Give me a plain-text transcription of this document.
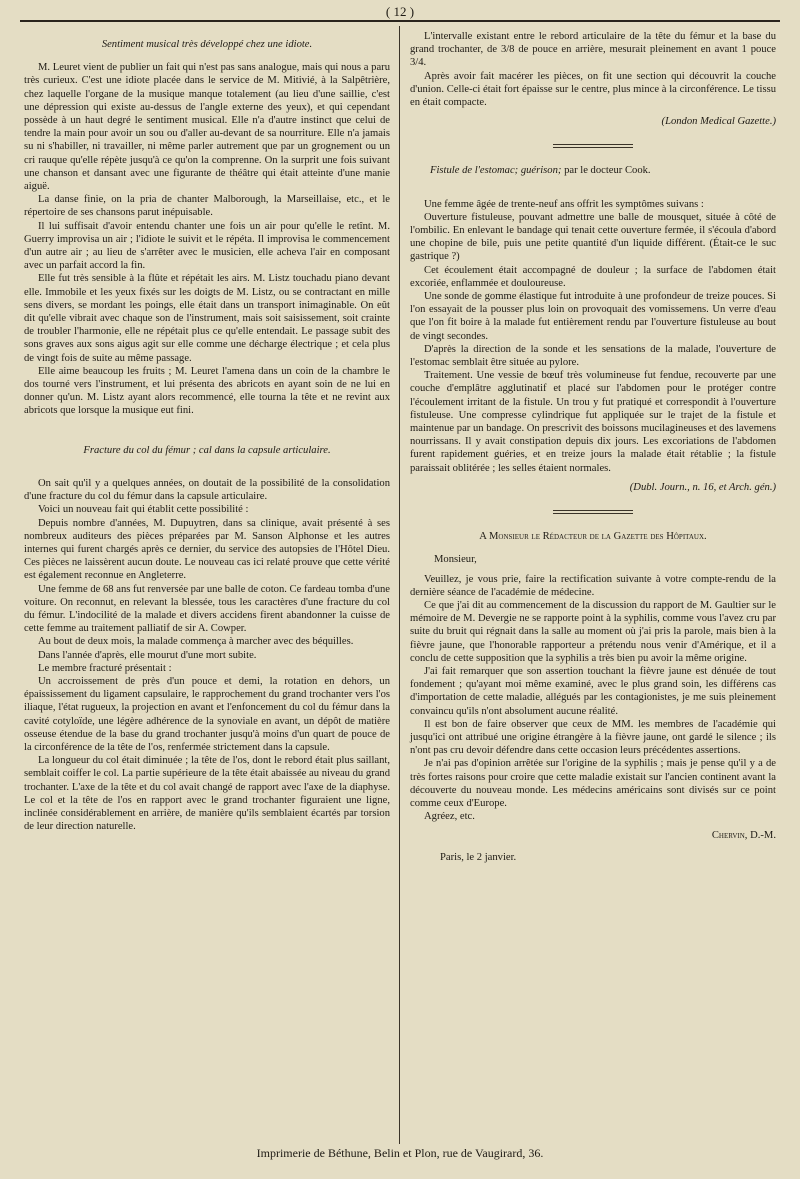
( 12 )
Sentiment musical très développé chez une idiote.

M. Leuret vient de publier un fait qui n'est pas sans analogue, mais qui nous a paru très curieux. C'est une idiote placée dans le service de M. Mitivié, à la Salpêtrière, chez laquelle l'organe de la musique manque totalement (au lieu d'une saillie, c'est une dépression qui existe au-dessus de l'angle externe des yeux), et qui cependant possède à un haut degré le sentiment musical. Elle n'a d'autre instinct que celui de tendre la main pour avoir un sou ou d'aller au-devant de sa nourriture. Elle n'a jamais su ni s'habiller, ni travailler, ni même parler autrement que par un grognement ou un cri rauque qu'elle répète jusqu'à ce qu'on la comprenne. On la surprit une fois suivant une chanson et dansant avec une figurante de théâtre qui était atteinte d'une manie aiguë.

La danse finie, on la pria de chanter Malborough, la Marseillaise, etc., et le répertoire de ses chansons parut inépuisable.

Il lui suffisait d'avoir entendu chanter une fois un air pour qu'elle le retînt. M. Guerry improvisa un air ; l'idiote le suivit et le répéta. Il improvisa le commencement d'un autre air ; au lieu de s'arrêter avec le musicien, elle acheva l'air en composant avec un parfait accord la fin.

Elle fut très sensible à la flûte et répétait les airs. M. Listz touchadu piano devant elle. Immobile et les yeux fixés sur les doigts de M. Listz, ou se contractant en mille sens divers, se mordant les poings, elle était dans un transport inimaginable. On eût dit qu'elle vibrait avec chaque son de l'instrument, mais soit saisissement, soit crainte de troubler l'harmonie, elle ne répétait plus ce qu'elle entendait. Le passage subit des sons graves aux sons aigus agit sur elle comme une décharge électrique ; et cela plus de vingt fois de suite au même passage.

Elle aime beaucoup les fruits ; M. Leuret l'amena dans un coin de la chambre le dos tourné vers l'instrument, et lui présenta des abricots en ayant soin de ne lui en donner qu'un. M. Listz ayant alors recommencé, elle tourna la tête et ne revint aux abricots que lorsque la musique eut fini.

Fracture du col du fémur ; cal dans la capsule articulaire.

On sait qu'il y a quelques années, on doutait de la possibilité de la consolidation d'une fracture du col du fémur dans la capsule articulaire.

Voici un nouveau fait qui établit cette possibilité :

Depuis nombre d'années, M. Dupuytren, dans sa clinique, avait présenté à ses nombreux auditeurs des pièces préparées par M. Sanson Alphonse et les autres internes qui furent chargés après ce dernier, du service des autopsies de l'Hôtel Dieu. Ces pièces ne laissèrent aucun doute. Le nouveau cas ici relaté prouve que cette vérité est également reconnue en Angleterre.

Une femme de 68 ans fut renversée par une balle de coton. Ce fardeau tomba d'une voiture. On reconnut, en relevant la blessée, tous les caractères d'une fracture du col du fémur. L'indocilité de la malade et divers accidens firent abandonner la cuisse de cette femme au traitement palliatif de sir A. Cowper.

Au bout de deux mois, la malade commença à marcher avec des béquilles.

Dans l'année d'après, elle mourut d'une mort subite.

Le membre fracturé présentait :

Un accroissement de près d'un pouce et demi, la rotation en dehors, un épaississement du ligament capsulaire, le rapprochement du grand trochanter vers l'os iliaque, l'état rugueux, la projection en avant et l'enfoncement du col du fémur dans la cavité cotyloïde, une légère adhérence de la synoviale en avant, un dépôt de matière osseuse étendue de la base du grand trochanter jusqu'à moins d'un quart de pouce de la circonférence de la tête de l'os, renfermée strictement dans la capsule.

La longueur du col était diminuée ; la tête de l'os, dont le rebord était plus saillant, semblait coiffer le col. La partie supérieure de la tête était abaissée au niveau du grand trochanter. L'axe de la tête et du col avait changé de rapport avec l'axe de la diaphyse. Le col et la tête de l'os en rapport avec le grand trochanter figuraient une ligne, inclinée considérablement en arrière, de manière qu'ils semblaient écartés par torsion de leur direction naturelle.

L'intervalle existant entre le rebord articulaire de la tête du fémur et la base du grand trochanter, de 3/8 de pouce en arrière, mesurait pleinement en avant 1 pouce 3/4.

Après avoir fait macérer les pièces, on fit une section qui découvrit la couche d'union. Celle-ci était fort épaisse sur le centre, plus mince à la circonférence. Le tissu en était compacte.

(London Medical Gazette.)
Fistule de l'estomac; guérison; par le docteur Cook.

Une femme âgée de trente-neuf ans offrit les symptômes suivans :

Ouverture fistuleuse, pouvant admettre une balle de mousquet, située à côté de l'ombilic. En enlevant le bandage qui tenait cette ouverture fermée, il s'écoula d'abord une chopine de bile, puis une petite quantité d'un liquide différent. (Était-ce le suc gastrique ?)

Cet écoulement était accompagné de douleur ; la surface de l'abdomen était excoriée, enflammée et douloureuse.

Une sonde de gomme élastique fut introduite à une profondeur de treize pouces. Si l'on essayait de la pousser plus loin on provoquait des vomissemens. Un verre d'eau que l'on fit boire à la malade fut entièrement rendu par l'ouverture fistuleuse au bout de vingt secondes.

D'après la direction de la sonde et les sensations de la malade, l'ouverture de l'estomac semblait être située au pylore.

Traitement. Une vessie de bœuf très volumineuse fut fendue, recouverte par une couche d'emplâtre agglutinatif et placé sur l'abdomen pour le protéger contre l'écoulement irritant de la fistule. Un trou y fut pratiqué et correspondit à l'ouverture fistuleuse. Une compresse cylindrique fut appliquée sur le trajet de la fistule et maintenue par un bandage. On prescrivit des boissons mucilagineuses et des lavemens nourrissans. Il y avait constipation depuis dix jours. Les excoriations de l'abdomen furent rapidement guéries, et en treize jours la malade était rétablie ; la fistule paraissait oblitérée ; les selles étaient normales.

(Dubl. Journ., n. 16, et Arch. gén.)
A Monsieur le Rédacteur de la Gazette des Hôpitaux.
Monsieur,

Veuillez, je vous prie, faire la rectification suivante à votre compte-rendu de la dernière séance de l'académie de médecine.

Ce que j'ai dit au commencement de la discussion du rapport de M. Gaultier sur le mémoire de M. Devergie ne se rapporte point à la syphilis, comme vous l'avez cru par suite du bruit qui régnait dans la salle au moment où j'ai pris la parole, mais bien à la fièvre jaune, que l'honorable rapporteur a prétendu nous venir d'Amérique, et il a conclu de cette supposition que la syphilis a très bien pu avoir la même origine.

J'ai fait remarquer que son assertion touchant la fièvre jaune est dénuée de tout fondement ; qu'ayant moi même examiné, avec le plus grand soin, les différens cas d'importation de cette maladie, allégués par les contagionistes, je me suis pleinement convaincu qu'ils n'ont absolument aucune réalité.

Il est bon de faire observer que ceux de MM. les membres de l'académie qui jusqu'ici ont attribué une origine étrangère à la fièvre jaune, ont gardé le silence ; ils n'ont pas cru devoir défendre dans cette occasion leurs précédentes assertions.

Je n'ai pas d'opinion arrêtée sur l'origine de la syphilis ; mais je pense qu'il y a de très fortes raisons pour croire que cette maladie existait sur l'ancien continent avant la découverte du nouveau monde. Les médecins américains sont divisés sur ce point comme ceux d'Europe.

Agréez, etc.

Chervin, D.-M.
Paris, le 2 janvier.
Imprimerie de Béthune, Belin et Plon, rue de Vaugirard, 36.
